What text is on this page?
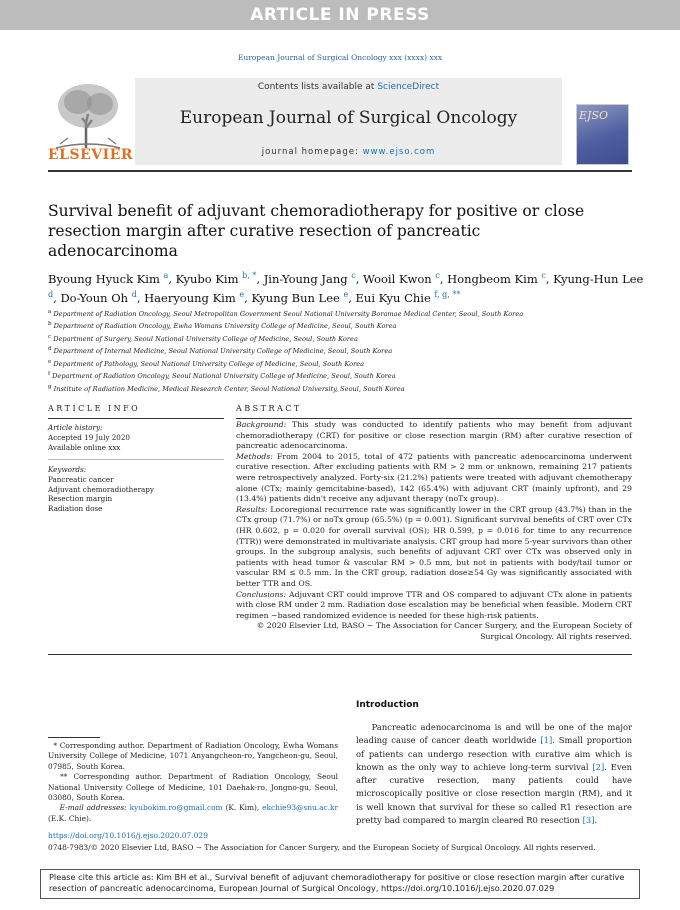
ARTICLE IN PRESS
European Journal of Surgical Oncology xxx (xxxx) xxx
ELSEVIER
Contents lists available at ScienceDirect
European Journal of Surgical Oncology
journal homepage: www.ejso.com
EJSO
Survival benefit of adjuvant chemoradiotherapy for positive or close resection margin after curative resection of pancreatic adenocarcinoma
Byoung Hyuck Kim $^a$, Kyubo Kim $^{b, *}$, Jin-Young Jang $^c$, Wooil Kwon $^c$, Hongbeom Kim $^c$, Kyung-Hun Lee $^d$, Do-Youn Oh $^d$, Haeryoung Kim $^e$, Kyung Bun Lee $^e$, Eui Kyu Chie $^{f, g, **}$
$^a$ Department of Radiation Oncology, Seoul Metropolitan Government Seoul National University Boramae Medical Center, Seoul, South Korea
$^b$ Department of Radiation Oncology, Ewha Womans University College of Medicine, Seoul, South Korea
$^c$ Department of Surgery, Seoul National University College of Medicine, Seoul, South Korea
$^d$ Department of Internal Medicine, Seoul National University College of Medicine, Seoul, South Korea
$^e$ Department of Pathology, Seoul National University College of Medicine, Seoul, South Korea
$^f$ Department of Radiation Oncology, Seoul National University College of Medicine, Seoul, South Korea
$^g$ Institute of Radiation Medicine, Medical Research Center, Seoul National University, Seoul, South Korea
ARTICLE INFO	ABSTRACT
Article history:
Accepted 19 July 2020
Available online xxx
Keywords:
Pancreatic cancer
Adjuvant chemoradiotherapy
Resection margin
Radiation dose

Background: This study was conducted to identify patients who may benefit from adjuvant chemoradiotherapy (CRT) for positive or close resection margin (RM) after curative resection of pancreatic adenocarcinoma.

Methods: From 2004 to 2015, total of 472 patients with pancreatic adenocarcinoma underwent curative resection. After excluding patients with RM > 2 mm or unknown, remaining 217 patients were retrospectively analyzed. Forty-six (21.2%) patients were treated with adjuvant chemotherapy alone (CTx; mainly gemcitabine-based), 142 (65.4%) with adjuvant CRT (mainly upfront), and 29 (13.4%) patients didn't receive any adjuvant therapy (noTx group).

Results: Locoregional recurrence rate was significantly lower in the CRT group (43.7%) than in the CTx group (71.7%) or noTx group (65.5%) (p = 0.001). Significant survival benefits of CRT over CTx (HR 0.602, p = 0.020 for overall survival (OS); HR 0.599, p = 0.016 for time to any recurrence (TTR)) were demonstrated in multivariate analysis. CRT group had more 5-year survivors than other groups. In the subgroup analysis, such benefits of adjuvant CRT over CTx was observed only in patients with head tumor & vascular RM > 0.5 mm, but not in patients with body/tail tumor or vascular RM ≤ 0.5 mm. In the CRT group, radiation dose≥54 Gy was significantly associated with better TTR and OS.

Conclusions: Adjuvant CRT could improve TTR and OS compared to adjuvant CTx alone in patients with close RM under 2 mm. Radiation dose escalation may be beneficial when feasible. Modern CRT regimen −based randomized evidence is needed for these high-risk patients.

© 2020 Elsevier Ltd, BASO ∼ The Association for Cancer Surgery, and the European Society of Surgical Oncology. All rights reserved.

Introduction
Pancreatic adenocarcinoma is and will be one of the major leading cause of cancer death worldwide [1]. Small proportion of patients can undergo resection with curative aim which is known as the only way to achieve long-term survival [2]. Even after curative resection, many patients could have microscopically positive or close resection margin (RM), and it is well known that survival for these so called R1 resection are pretty bad compared to margin cleared R0 resection [3].
* Corresponding author. Department of Radiation Oncology, Ewha Womans University College of Medicine, 1071 Anyangcheon-ro, Yangcheon-gu, Seoul, 07985, South Korea.
** Corresponding author. Department of Radiation Oncology, Seoul National University College of Medicine, 101 Daehak-ro, Jongno-gu, Seoul, 03080, South Korea.
E-mail addresses: kyubokim.ro@gmail.com (K. Kim), ekchie93@snu.ac.kr (E.K. Chie).
https://doi.org/10.1016/j.ejso.2020.07.029
0748-7983/© 2020 Elsevier Ltd, BASO ∼ The Association for Cancer Surgery, and the European Society of Surgical Oncology. All rights reserved.
Please cite this article as: Kim BH et al., Survival benefit of adjuvant chemoradiotherapy for positive or close resection margin after curative resection of pancreatic adenocarcinoma, European Journal of Surgical Oncology, https://doi.org/10.1016/j.ejso.2020.07.029
